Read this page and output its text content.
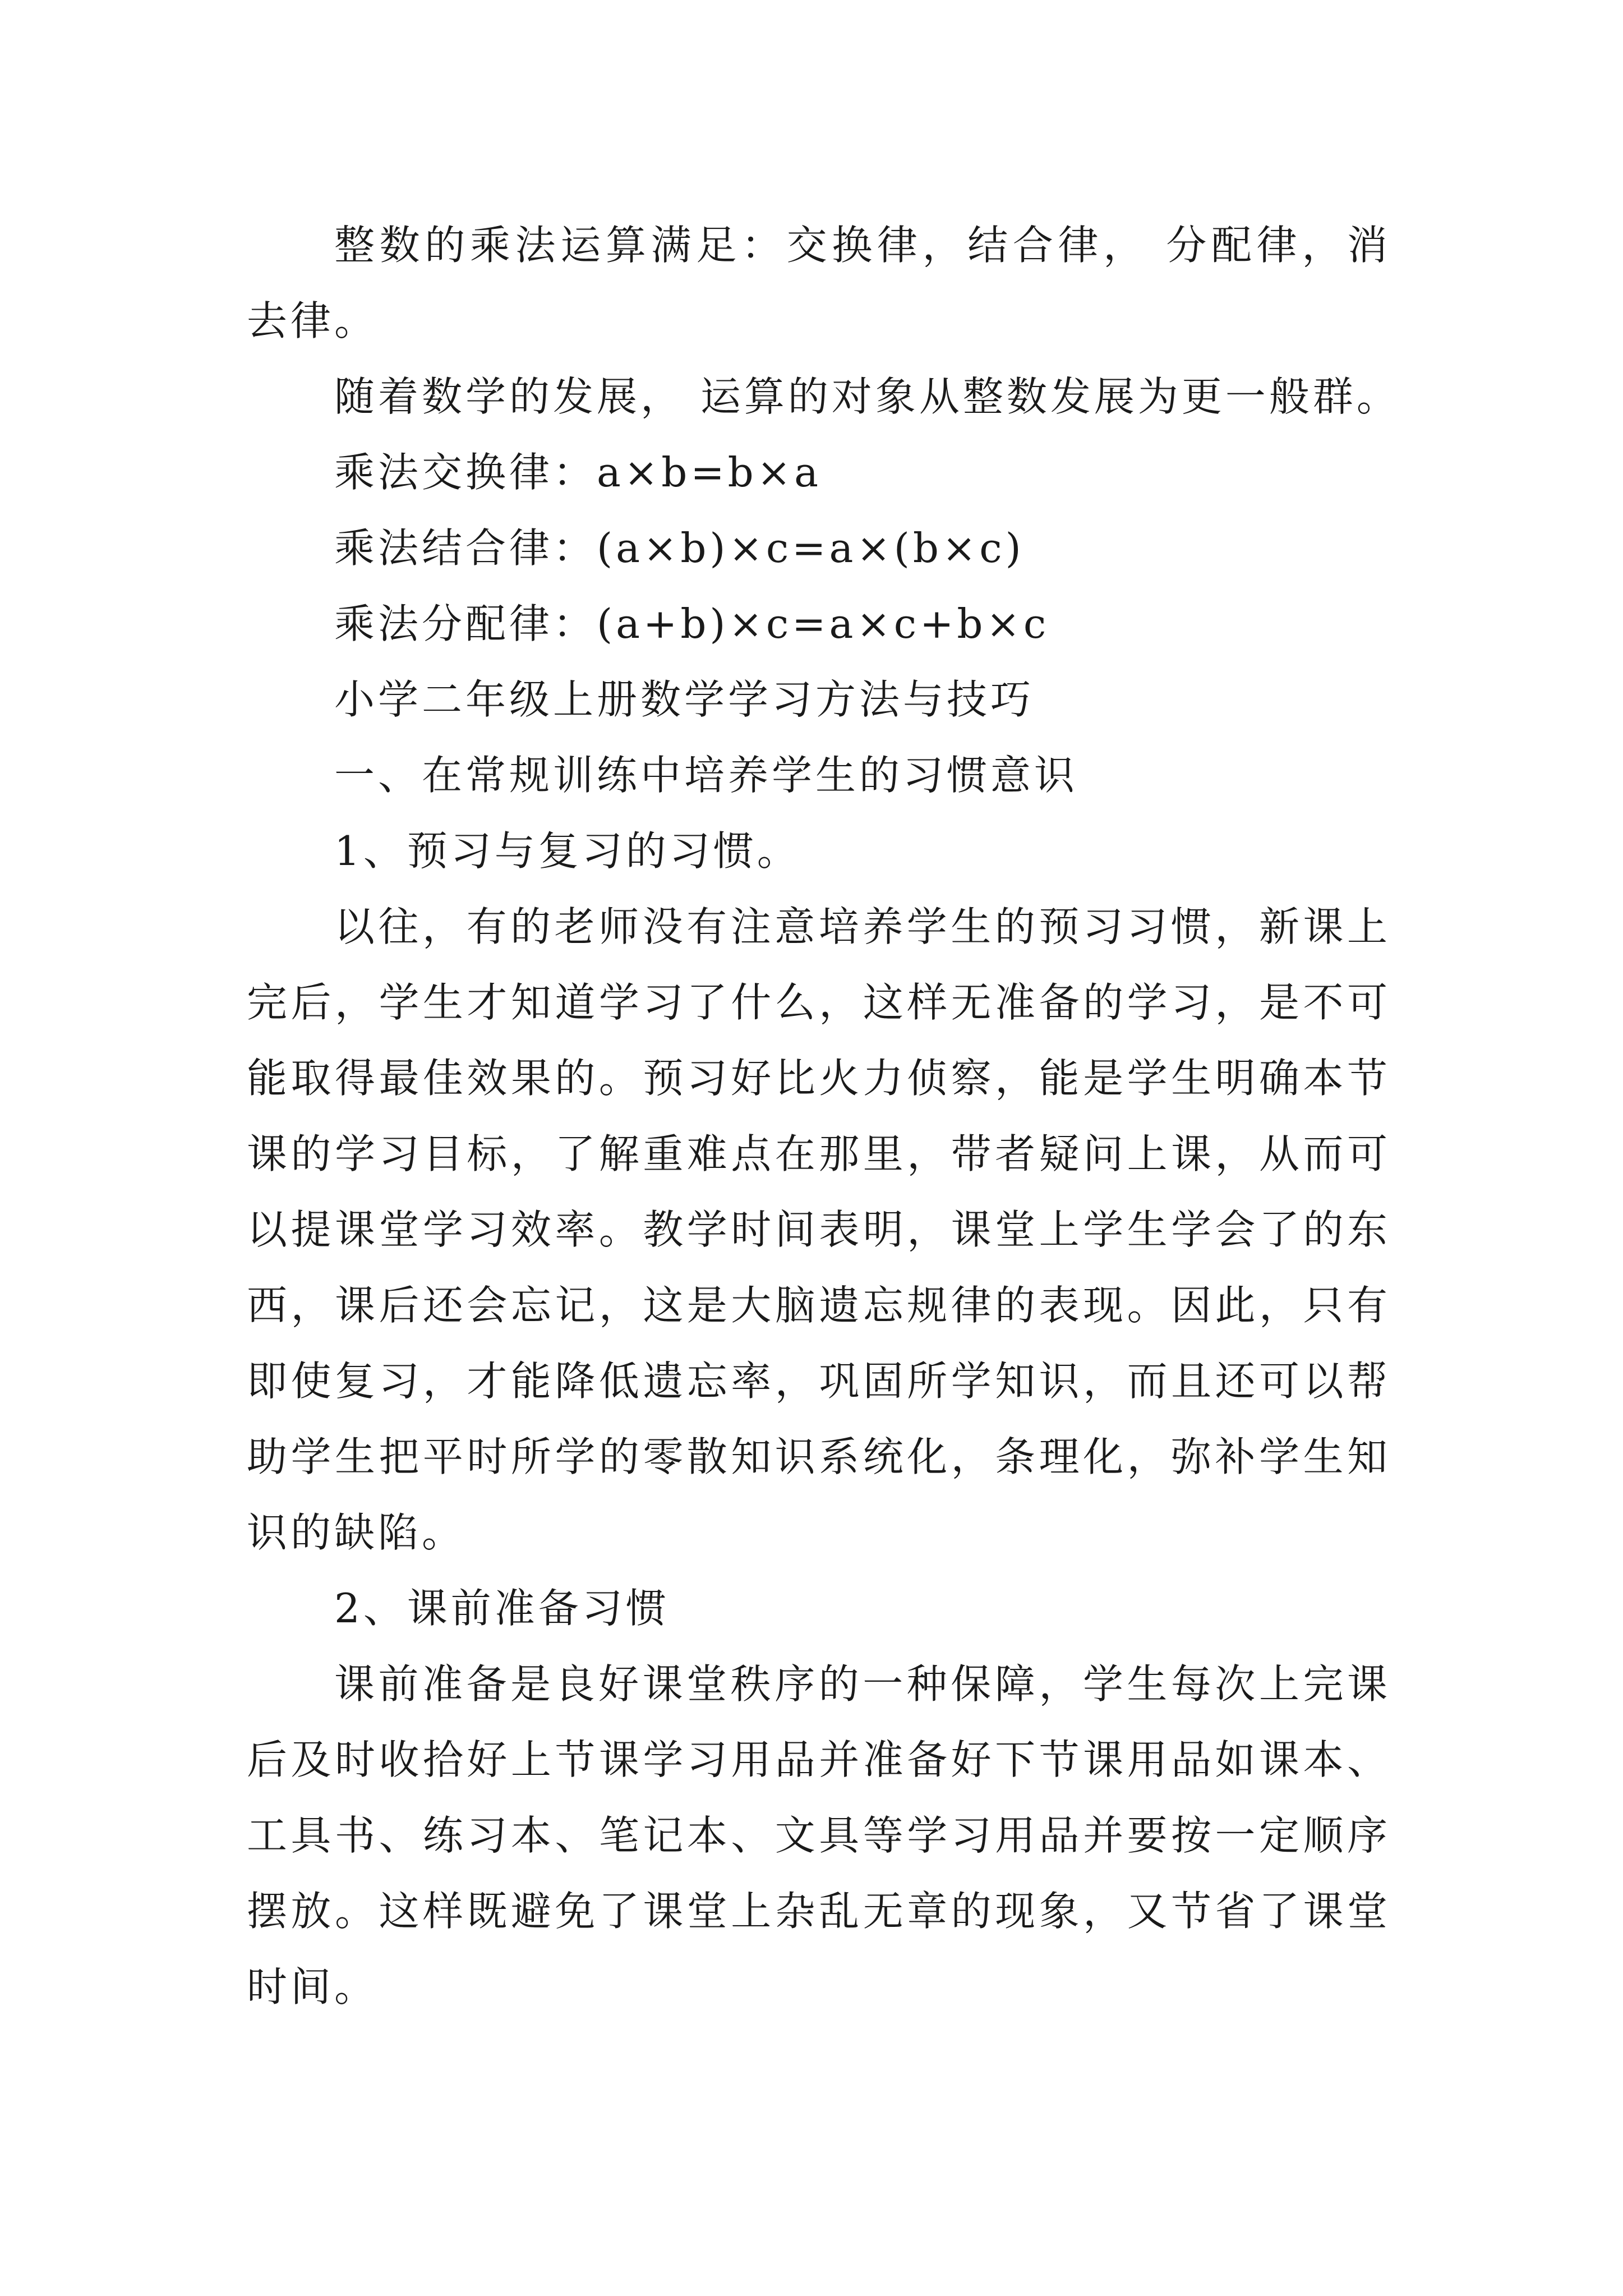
整数的乘法运算满足：交换律，结合律， 分配律，消去律。

随着数学的发展， 运算的对象从整数发展为更一般群。

乘法交换律：a×b=b×a

乘法结合律：(a×b)×c=a×(b×c)

乘法分配律：(a+b)×c=a×c+b×c

小学二年级上册数学学习方法与技巧

一、在常规训练中培养学生的习惯意识

1、预习与复习的习惯。

以往，有的老师没有注意培养学生的预习习惯，新课上完后，学生才知道学习了什么，这样无准备的学习，是不可能取得最佳效果的。预习好比火力侦察，能是学生明确本节课的学习目标，了解重难点在那里，带者疑问上课，从而可以提课堂学习效率。教学时间表明，课堂上学生学会了的东西，课后还会忘记，这是大脑遗忘规律的表现。因此，只有即使复习，才能降低遗忘率，巩固所学知识，而且还可以帮助学生把平时所学的零散知识系统化，条理化，弥补学生知识的缺陷。

2、课前准备习惯

课前准备是良好课堂秩序的一种保障，学生每次上完课后及时收拾好上节课学习用品并准备好下节课用品如课本、工具书、练习本、笔记本、文具等学习用品并要按一定顺序摆放。这样既避免了课堂上杂乱无章的现象，又节省了课堂时间。
